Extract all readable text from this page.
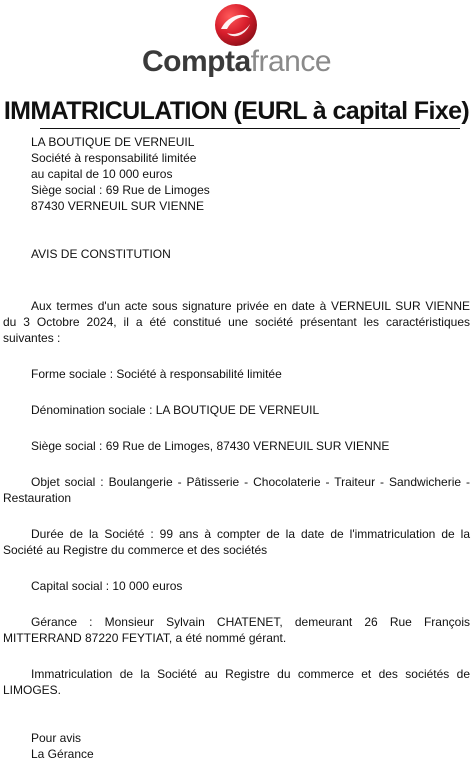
Comptafrance
IMMATRICULATION (EURL à capital Fixe)
LA BOUTIQUE DE VERNEUIL
Société à responsabilité limitée
au capital de 10 000 euros
Siège social : 69 Rue de Limoges
87430 VERNEUIL SUR VIENNE
AVIS DE CONSTITUTION

Aux termes d'un acte sous signature privée en date à VERNEUIL SUR VIENNE du 3 Octobre 2024, il a été constitué une société présentant les caractéristiques suivantes :

Forme sociale : Société à responsabilité limitée

Dénomination sociale : LA BOUTIQUE DE VERNEUIL

Siège social : 69 Rue de Limoges, 87430 VERNEUIL SUR VIENNE

Objet social : Boulangerie - Pâtisserie - Chocolaterie - Traiteur - Sandwicherie - Restauration

Durée de la Société : 99 ans à compter de la date de l'immatriculation de la Société au Registre du commerce et des sociétés

Capital social : 10 000 euros

Gérance : Monsieur Sylvain CHATENET, demeurant 26 Rue François MITTERRAND 87220 FEYTIAT, a été nommé gérant.

Immatriculation de la Société au Registre du commerce et des sociétés de LIMOGES.

Pour avis
La Gérance
